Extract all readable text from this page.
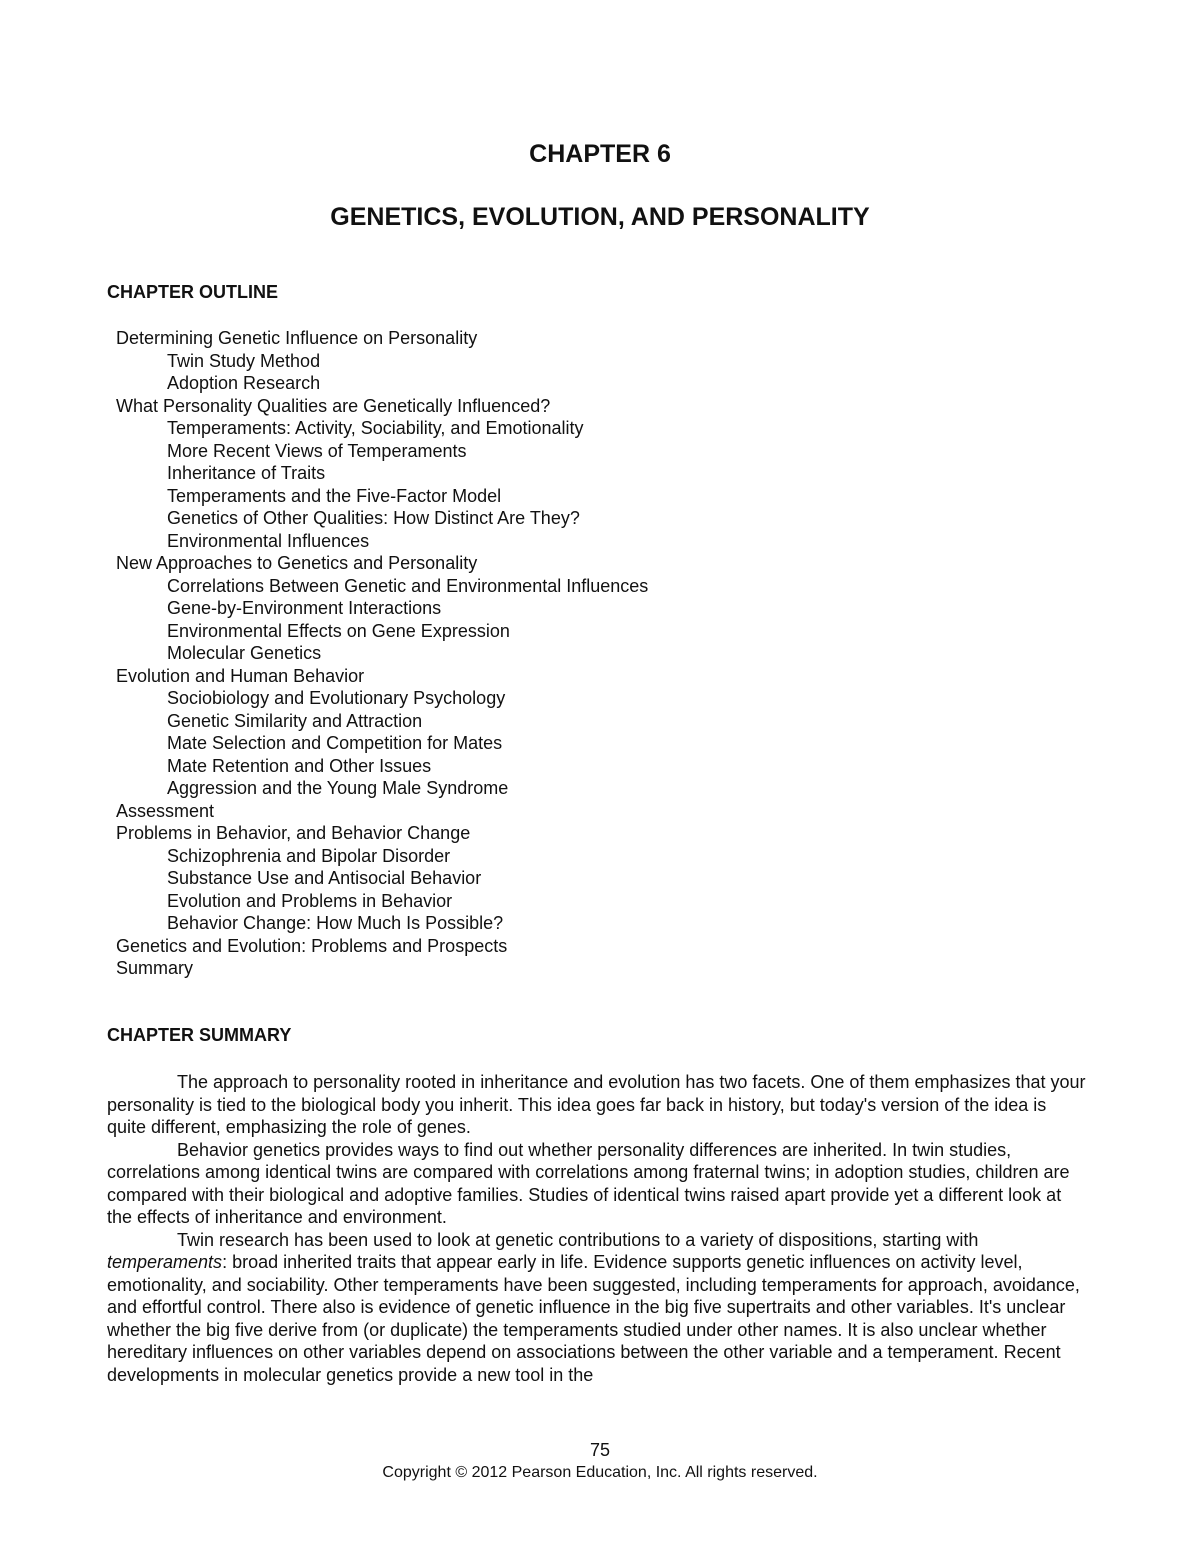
CHAPTER 6
GENETICS, EVOLUTION, AND PERSONALITY
CHAPTER OUTLINE
Determining Genetic Influence on Personality
Twin Study Method
Adoption Research
What Personality Qualities are Genetically Influenced?
Temperaments: Activity, Sociability, and Emotionality
More Recent Views of Temperaments
Inheritance of Traits
Temperaments and the Five-Factor Model
Genetics of Other Qualities: How Distinct Are They?
Environmental Influences
New Approaches to Genetics and Personality
Correlations Between Genetic and Environmental Influences
Gene-by-Environment Interactions
Environmental Effects on Gene Expression
Molecular Genetics
Evolution and Human Behavior
Sociobiology and Evolutionary Psychology
Genetic Similarity and Attraction
Mate Selection and Competition for Mates
Mate Retention and Other Issues
Aggression and the Young Male Syndrome
Assessment
Problems in Behavior, and Behavior Change
Schizophrenia and Bipolar Disorder
Substance Use and Antisocial Behavior
Evolution and Problems in Behavior
Behavior Change: How Much Is Possible?
Genetics and Evolution: Problems and Prospects
Summary
CHAPTER SUMMARY

The approach to personality rooted in inheritance and evolution has two facets. One of them emphasizes that your personality is tied to the biological body you inherit. This idea goes far back in history, but today's version of the idea is quite different, emphasizing the role of genes.

Behavior genetics provides ways to find out whether personality differences are inherited. In twin studies, correlations among identical twins are compared with correlations among fraternal twins; in adoption studies, children are compared with their biological and adoptive families. Studies of identical twins raised apart provide yet a different look at the effects of inheritance and environment.

Twin research has been used to look at genetic contributions to a variety of dispositions, starting with temperaments: broad inherited traits that appear early in life. Evidence supports genetic influences on activity level, emotionality, and sociability. Other temperaments have been suggested, including temperaments for approach, avoidance, and effortful control. There also is evidence of genetic influence in the big five supertraits and other variables. It's unclear whether the big five derive from (or duplicate) the temperaments studied under other names. It is also unclear whether hereditary influences on other variables depend on associations between the other variable and a temperament. Recent developments in molecular genetics provide a new tool in the

75
Copyright © 2012 Pearson Education, Inc. All rights reserved.
